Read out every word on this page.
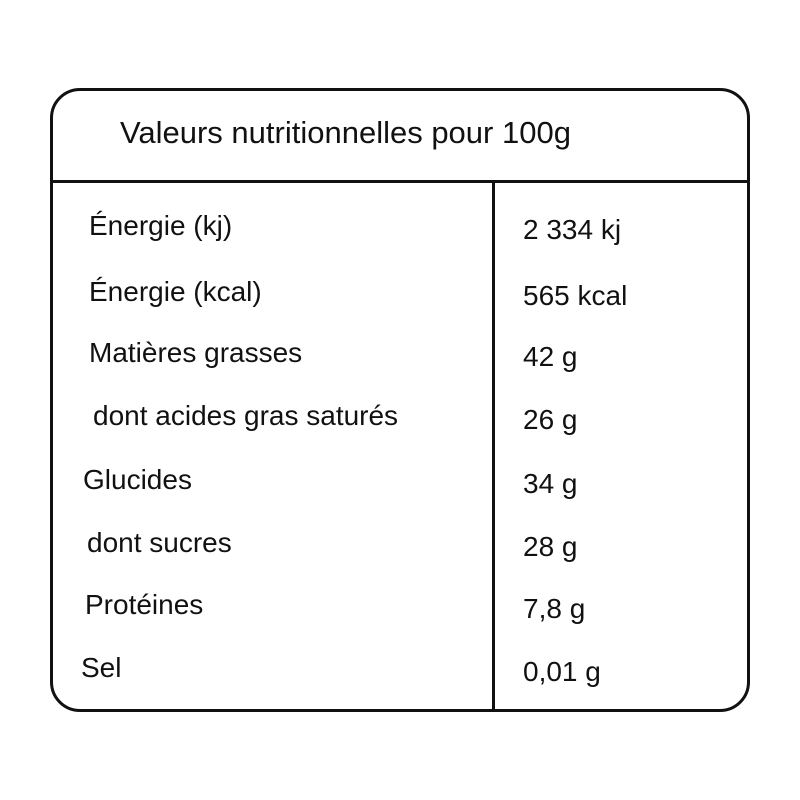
Valeurs nutritionnelles pour 100g
Énergie (kj)	2 334 kj
Énergie (kcal)	565 kcal
Matières grasses	42 g
dont acides gras saturés	26 g
Glucides	34 g
dont sucres	28 g
Protéines	7,8 g
Sel	0,01 g
